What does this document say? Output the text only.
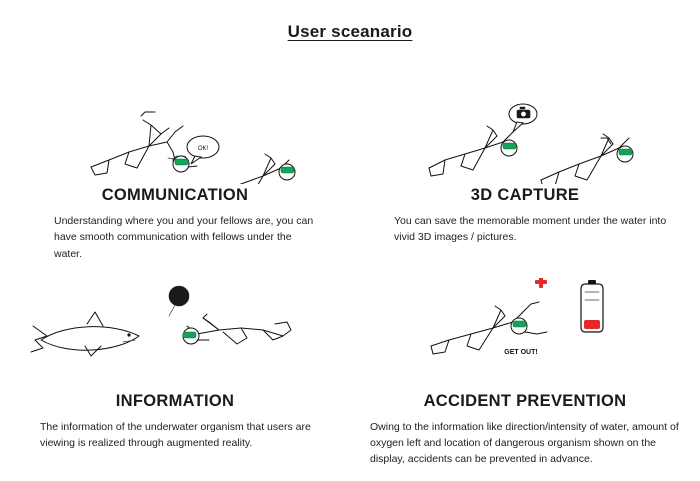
User sceanario
OK!
COMMUNICATION
Understanding where you and your fellows are, you can have smooth communication with fellows under the water.
3D CAPTURE
You can save the memorable moment under the water into vivid 3D images / pictures.
i
INFORMATION
The information of the underwater organism that users are viewing is realized through augmented reality.
GET OUT!
ACCIDENT PREVENTION
Owing to the information like direction/intensity of water, amount of oxygen left and location of dangerous organism shown on the display, accidents can be prevented in advance.
